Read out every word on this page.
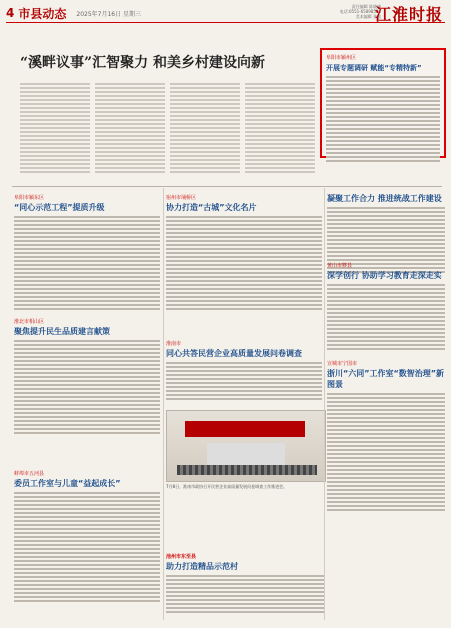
4 市县动态 2025年7月16日 星期三
责任编辑 陈晓康
电话:0551-65898585
美术编辑 张敏
江淮时报
“溪畔议事”汇智聚力 和美乡村建设向新	阜阳市颍州区
开展专题调研 赋能“专精特新”
凝聚工作合力 推进统战工作建设
宿州市埇桥区
协力打造“古城”文化名片
阜阳市颍东区
“同心示范工程”提质升级
淮北市相山区
聚焦提升民生品质建言献策
蚌埠市五河县
委员工作室与儿童“益起成长”
淮南市
同心共答民营企业高质量发展问卷调查
7月8日，淮南市政协召开民营企业高质量发展问卷调查工作推进会。
黄山市黟县
深学创行 协助学习教育走深走实
宣城市宁国市
浙川“六同”工作室“数智治理”新图景
池州市东至县
助力打造精品示范村
